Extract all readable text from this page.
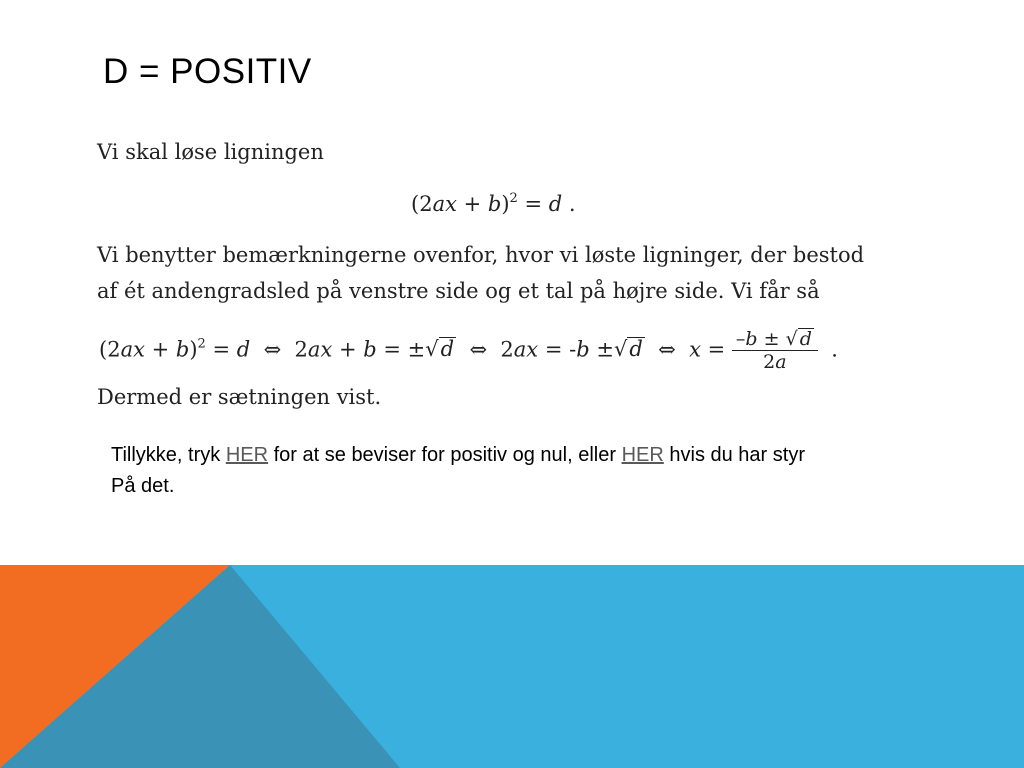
D = POSITIV
Vi skal løse ligningen
$(2ax + b)^2 = d$ .
Vi benytter bemærkningerne ovenfor, hvor vi løste ligninger, der bestod
af ét andengradsled på venstre side og et tal på højre side. Vi får så
$(2ax + b)^2 = d$ ⇔  2ax + b = ±√d ⇔  2ax = -b ±√d ⇔ $x = \frac{-b \pm √ d}{2a}$ .
Dermed er sætningen vist.
Tillykke, tryk HER for at se beviser for positiv og nul, eller HER hvis du har styr
På det.
